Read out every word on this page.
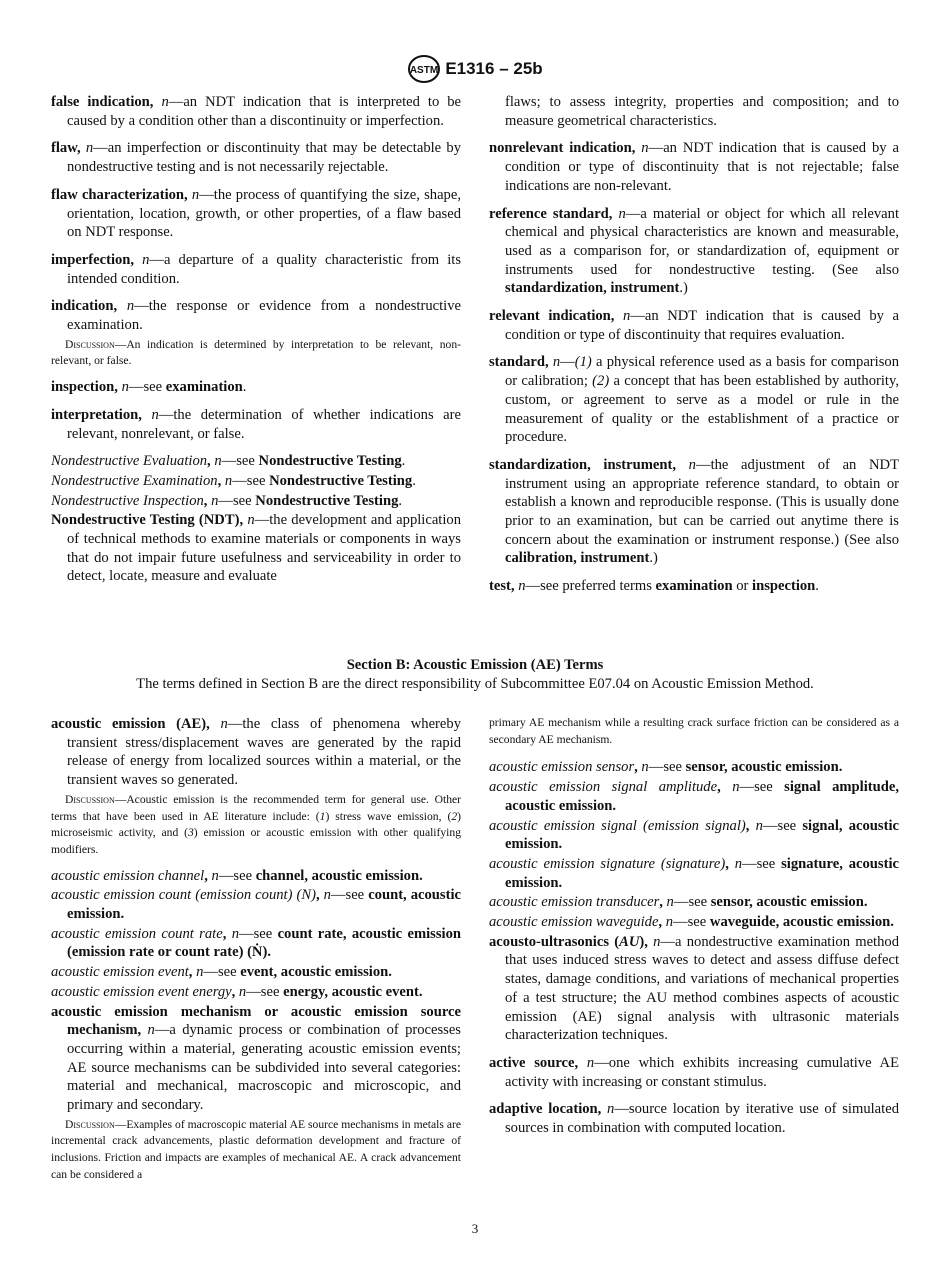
ASTM E1316 – 25b

false indication, n—an NDT indication that is interpreted to be caused by a condition other than a discontinuity or imperfection.

flaw, n—an imperfection or discontinuity that may be detectable by nondestructive testing and is not necessarily rejectable.

flaw characterization, n—the process of quantifying the size, shape, orientation, location, growth, or other properties, of a flaw based on NDT response.

imperfection, n—a departure of a quality characteristic from its intended condition.

indication, n—the response or evidence from a nondestructive examination.

Discussion—An indication is determined by interpretation to be relevant, non-relevant, or false.

inspection, n—see examination.

interpretation, n—the determination of whether indications are relevant, nonrelevant, or false.

Nondestructive Evaluation, n—see Nondestructive Testing.

Nondestructive Examination, n—see Nondestructive Testing.

Nondestructive Inspection, n—see Nondestructive Testing.

Nondestructive Testing (NDT), n—the development and application of technical methods to examine materials or components in ways that do not impair future usefulness and serviceability in order to detect, locate, measure and evaluate

flaws; to assess integrity, properties and composition; and to measure geometrical characteristics.

nonrelevant indication, n—an NDT indication that is caused by a condition or type of discontinuity that is not rejectable; false indications are non-relevant.

reference standard, n—a material or object for which all relevant chemical and physical characteristics are known and measurable, used as a comparison for, or standardization of, equipment or instruments used for nondestructive testing. (See also standardization, instrument.)

relevant indication, n—an NDT indication that is caused by a condition or type of discontinuity that requires evaluation.

standard, n—(1) a physical reference used as a basis for comparison or calibration; (2) a concept that has been established by authority, custom, or agreement to serve as a model or rule in the measurement of quality or the establishment of a practice or procedure.

standardization, instrument, n—the adjustment of an NDT instrument using an appropriate reference standard, to obtain or establish a known and reproducible response. (This is usually done prior to an examination, but can be carried out anytime there is concern about the examination or instrument response.) (See also calibration, instrument.)

test, n—see preferred terms examination or inspection.

Section B: Acoustic Emission (AE) Terms
The terms defined in Section B are the direct responsibility of Subcommittee E07.04 on Acoustic Emission Method.

acoustic emission (AE), n—the class of phenomena whereby transient stress/displacement waves are generated by the rapid release of energy from localized sources within a material, or the transient waves so generated.

Discussion—Acoustic emission is the recommended term for general use. Other terms that have been used in AE literature include: (1) stress wave emission, (2) microseismic activity, and (3) emission or acoustic emission with other qualifying modifiers.

acoustic emission channel, n—see channel, acoustic emission.

acoustic emission count (emission count) (N), n—see count, acoustic emission.

acoustic emission count rate, n—see count rate, acoustic emission (emission rate or count rate) (Ṅ).

acoustic emission event, n—see event, acoustic emission.

acoustic emission event energy, n—see energy, acoustic event.

acoustic emission mechanism or acoustic emission source mechanism, n—a dynamic process or combination of processes occurring within a material, generating acoustic emission events; AE source mechanisms can be subdivided into several categories: material and mechanical, macroscopic and microscopic, and primary and secondary.

Discussion—Examples of macroscopic material AE source mechanisms in metals are incremental crack advancements, plastic deformation development and fracture of inclusions. Friction and impacts are examples of mechanical AE. A crack advancement can be considered a

primary AE mechanism while a resulting crack surface friction can be considered as a secondary AE mechanism.

acoustic emission sensor, n—see sensor, acoustic emission.

acoustic emission signal amplitude, n—see signal amplitude, acoustic emission.

acoustic emission signal (emission signal), n—see signal, acoustic emission.

acoustic emission signature (signature), n—see signature, acoustic emission.

acoustic emission transducer, n—see sensor, acoustic emission.

acoustic emission waveguide, n—see waveguide, acoustic emission.

acousto-ultrasonics (AU), n—a nondestructive examination method that uses induced stress waves to detect and assess diffuse defect states, damage conditions, and variations of mechanical properties of a test structure; the AU method combines aspects of acoustic emission (AE) signal analysis with ultrasonic materials characterization techniques.

active source, n—one which exhibits increasing cumulative AE activity with increasing or constant stimulus.

adaptive location, n—source location by iterative use of simulated sources in combination with computed location.

3
